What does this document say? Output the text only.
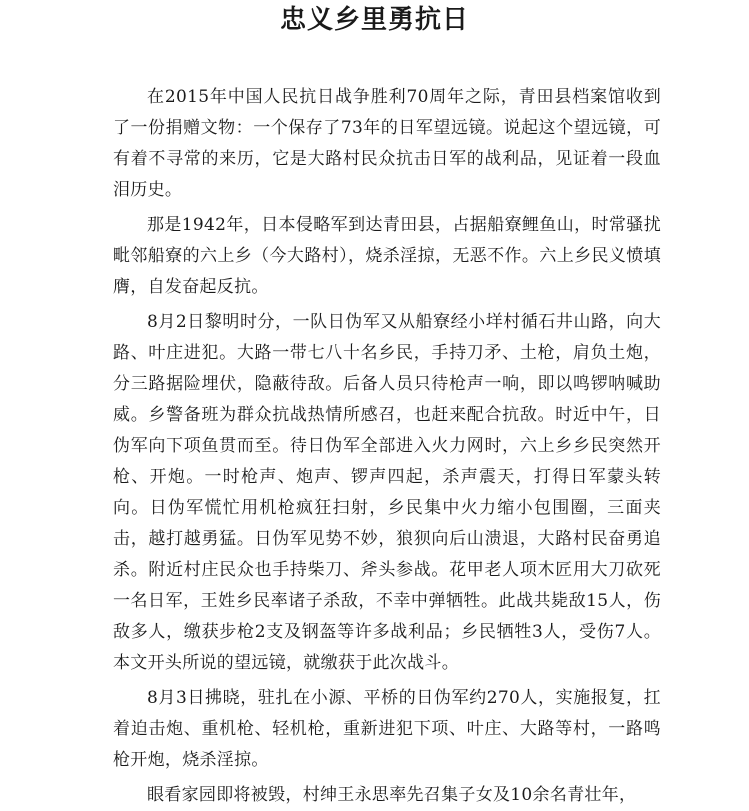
忠义乡里勇抗日

在2015年中国人民抗日战争胜利70周年之际，青田县档案馆收到了一份捐赠文物：一个保存了73年的日军望远镜。说起这个望远镜，可有着不寻常的来历，它是大路村民众抗击日军的战利品，见证着一段血泪历史。

那是1942年，日本侵略军到达青田县，占据船寮鲤鱼山，时常骚扰毗邻船寮的六上乡（今大路村），烧杀淫掠，无恶不作。六上乡民义愤填膺，自发奋起反抗。

8月2日黎明时分，一队日伪军又从船寮经小垟村循石井山路，向大路、叶庄进犯。大路一带七八十名乡民，手持刀矛、土枪，肩负土炮，分三路据险埋伏，隐蔽待敌。后备人员只待枪声一响，即以鸣锣呐喊助威。乡警备班为群众抗战热情所感召，也赶来配合抗敌。时近中午，日伪军向下项鱼贯而至。待日伪军全部进入火力网时，六上乡乡民突然开枪、开炮。一时枪声、炮声、锣声四起，杀声震天，打得日军蒙头转向。日伪军慌忙用机枪疯狂扫射，乡民集中火力缩小包围圈，三面夹击，越打越勇猛。日伪军见势不妙，狼狈向后山溃退，大路村民奋勇追杀。附近村庄民众也手持柴刀、斧头参战。花甲老人项木匠用大刀砍死一名日军，王姓乡民率诸子杀敌，不幸中弹牺牲。此战共毙敌15人，伤敌多人，缴获步枪2支及钢盔等许多战利品；乡民牺牲3人，受伤7人。本文开头所说的望远镜，就缴获于此次战斗。

8月3日拂晓，驻扎在小源、平桥的日伪军约270人，实施报复，扛着迫击炮、重机枪、轻机枪，重新进犯下项、叶庄、大路等村，一路鸣枪开炮，烧杀淫掠。

眼看家园即将被毁，村绅王永思率先召集子女及10余名青壮年，
